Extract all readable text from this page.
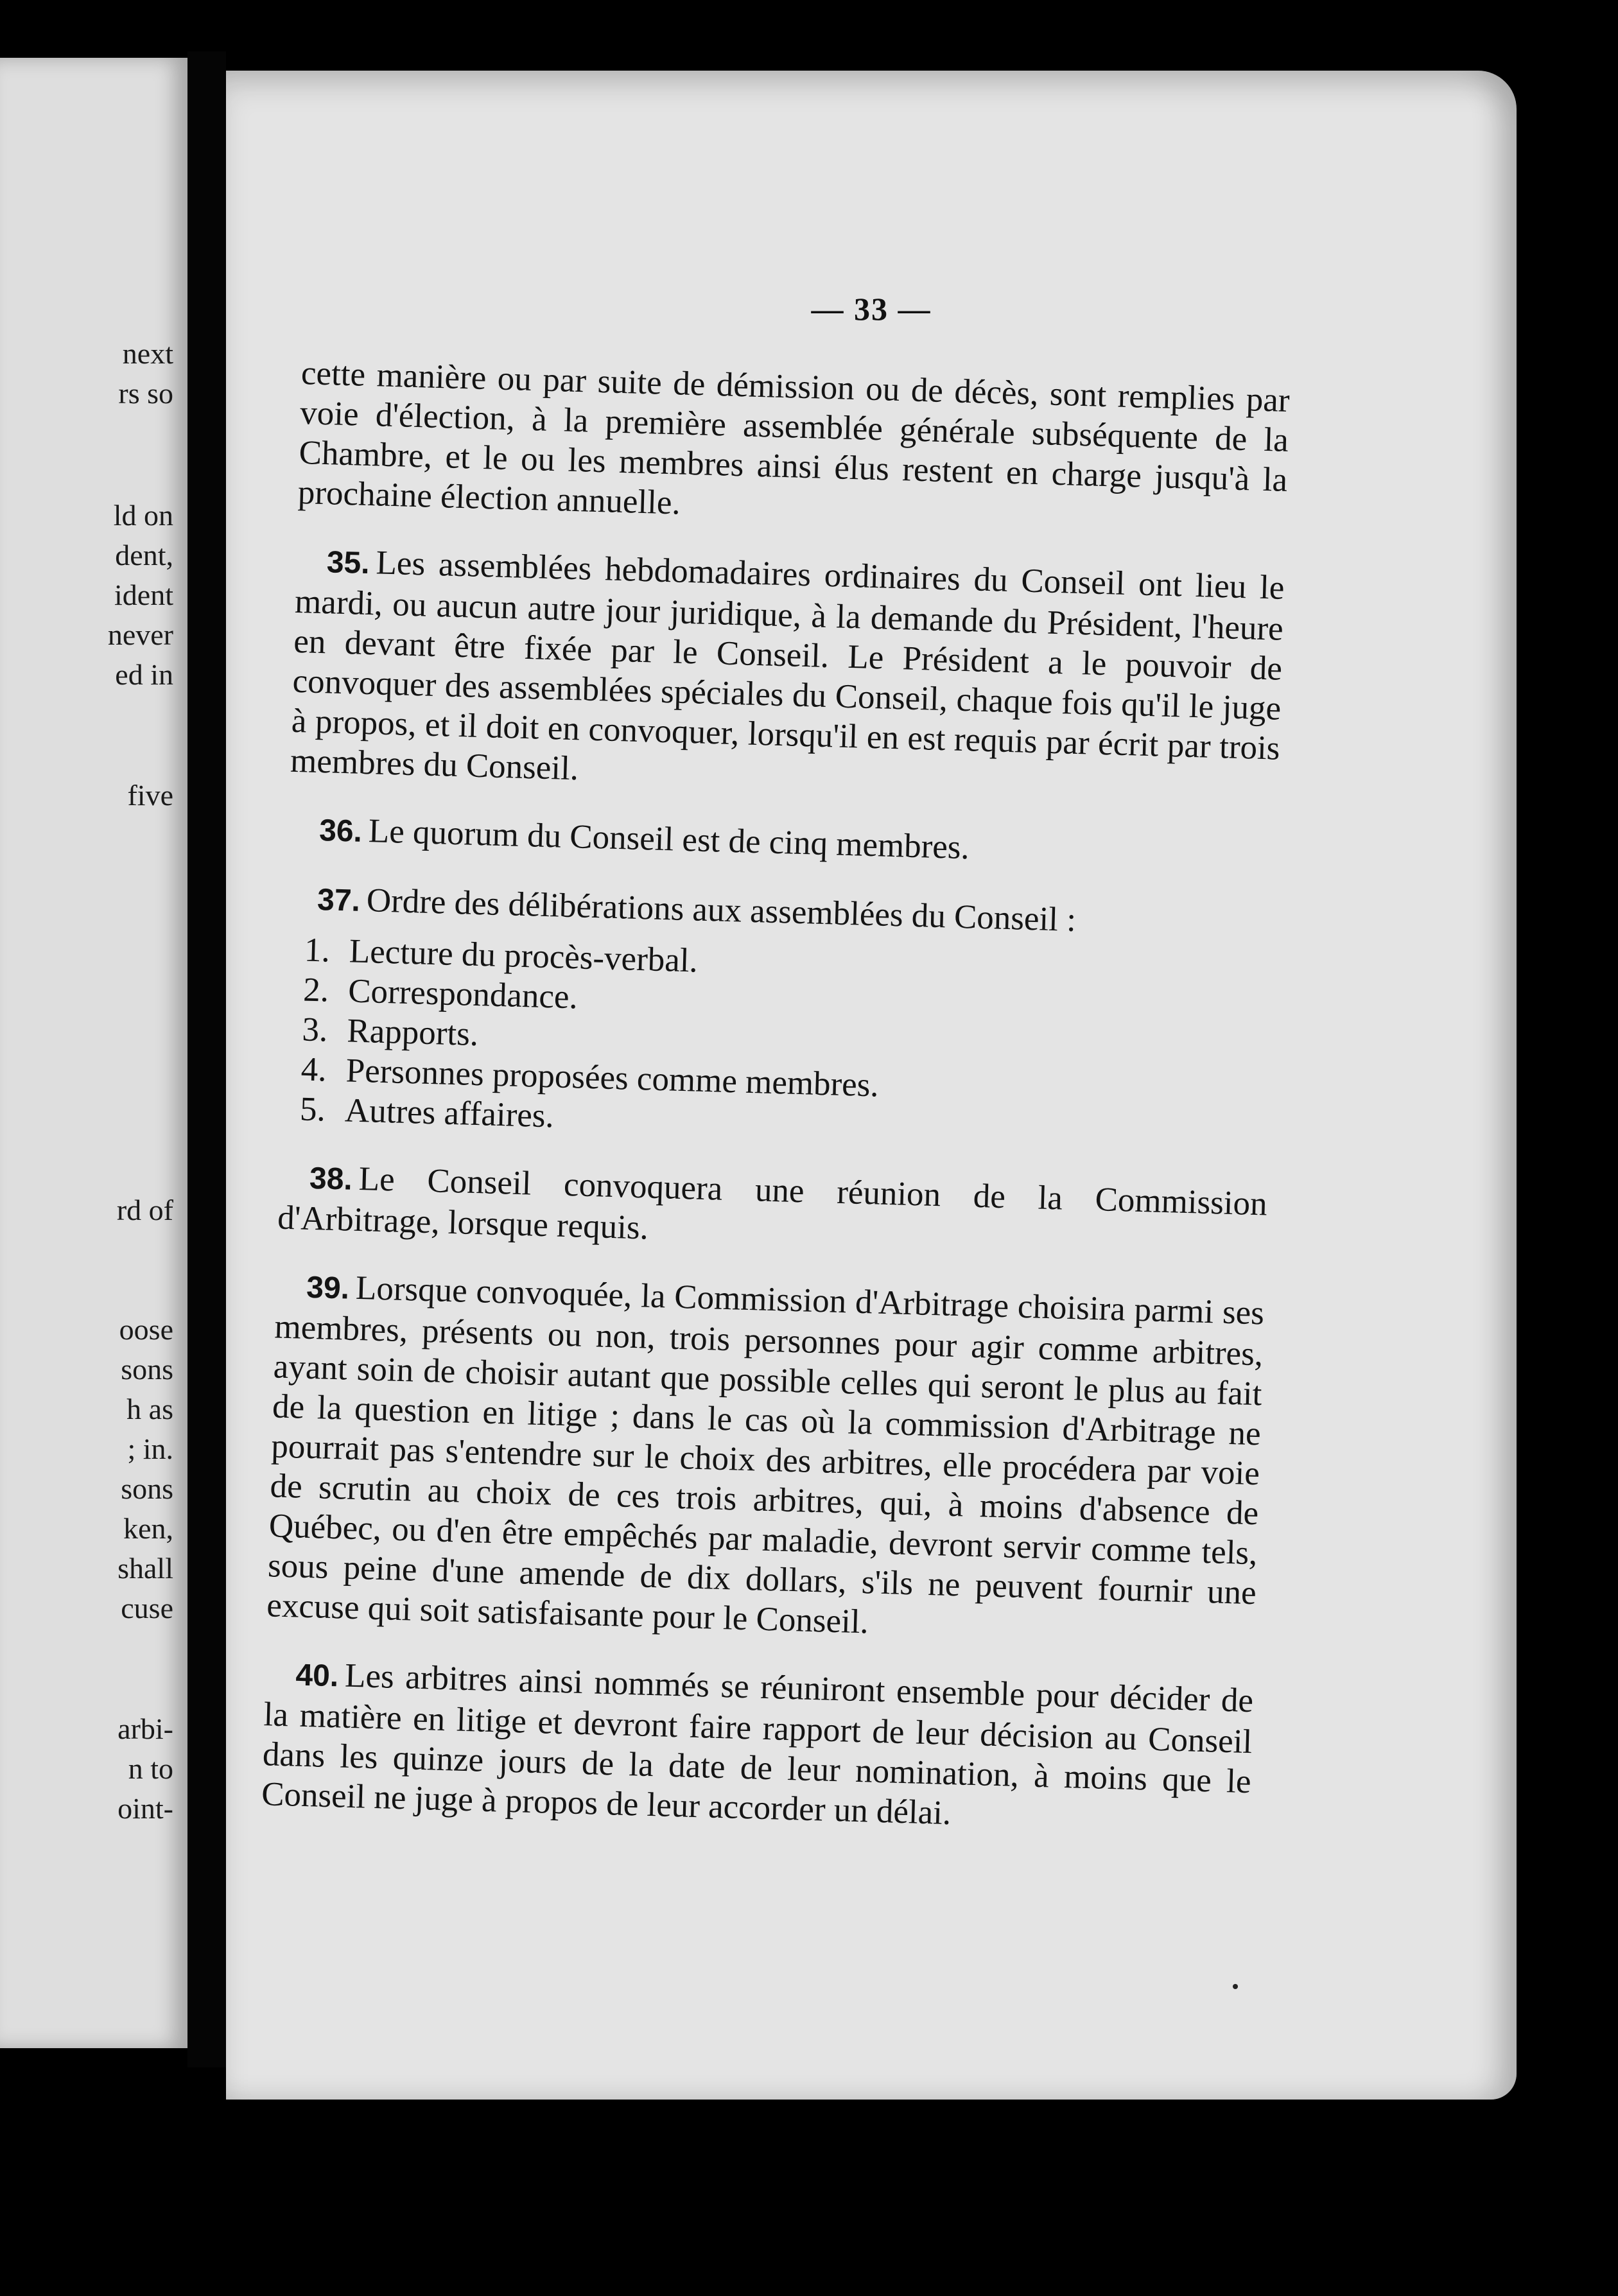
next
rs so
ld on
dent,
ident
never
ed in
five
rd of
oose
sons
h as
; in.
sons
ken,
shall
cuse
arbi-
n to
oint-
— 33 —

cette manière ou par suite de démission ou de décès, sont remplies par voie d'élection, à la première assemblée générale subséquente de la Chambre, et le ou les membres ainsi élus restent en charge jusqu'à la prochaine élection annuelle.

35. Les assemblées hebdomadaires ordinaires du Conseil ont lieu le mardi, ou aucun autre jour juridique, à la demande du Président, l'heure en devant être fixée par le Conseil. Le Président a le pouvoir de convoquer des assemblées spéciales du Conseil, chaque fois qu'il le juge à propos, et il doit en convoquer, lorsqu'il en est requis par écrit par trois membres du Conseil.

36. Le quorum du Conseil est de cinq membres.

37. Ordre des délibérations aux assemblées du Conseil :

1. Lecture du procès-verbal.
2. Correspondance.
3. Rapports.
4. Personnes proposées comme membres.
5. Autres affaires.

38. Le Conseil convoquera une réunion de la Commission d'Arbitrage, lorsque requis.

39. Lorsque convoquée, la Commission d'Arbitrage choisira parmi ses membres, présents ou non, trois personnes pour agir comme arbitres, ayant soin de choisir autant que possible celles qui seront le plus au fait de la question en litige ; dans le cas où la commission d'Arbitrage ne pourrait pas s'entendre sur le choix des arbitres, elle procédera par voie de scrutin au choix de ces trois arbitres, qui, à moins d'absence de Québec, ou d'en être empêchés par maladie, devront servir comme tels, sous peine d'une amende de dix dollars, s'ils ne peuvent fournir une excuse qui soit satisfaisante pour le Conseil.

40. Les arbitres ainsi nommés se réuniront ensemble pour décider de la matière en litige et devront faire rapport de leur décision au Conseil dans les quinze jours de la date de leur nomination, à moins que le Conseil ne juge à propos de leur accorder un délai.
